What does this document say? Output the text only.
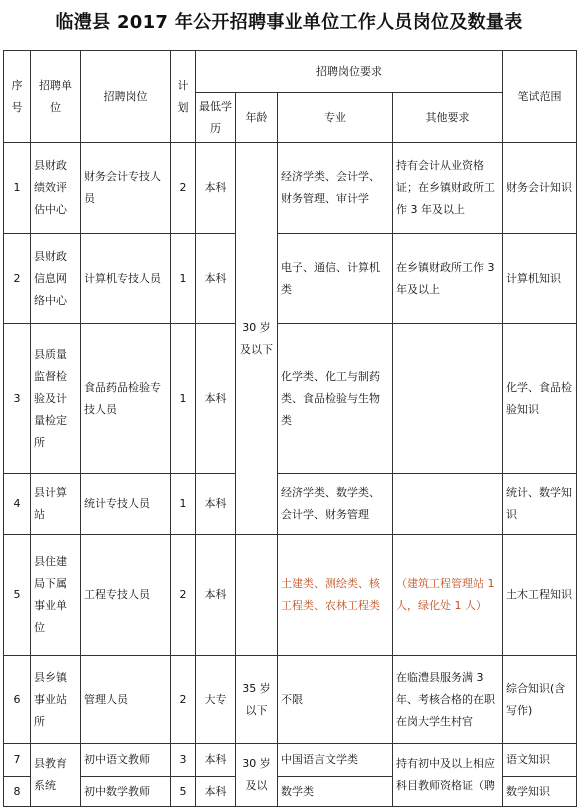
临澧县 2017 年公开招聘事业单位工作人员岗位及数量表
序号	招聘单位	招聘岗位	计划	招聘岗位要求				笔试范围
				最低学历	年龄	专业	其他要求	
1	县财政绩效评估中心	财务会计专技人员	2	本科	30 岁及以下	经济学类、会计学、财务管理、审计学	持有会计从业资格证；在乡镇财政所工作 3 年及以上	财务会计知识
2	县财政信息网络中心	计算机专技人员	1	本科		电子、通信、计算机类	在乡镇财政所工作 3 年及以上	计算机知识
3	县质量监督检验及计量检定所	食品药品检验专技人员	1	本科		化学类、化工与制药类、食品检验与生物类		化学、食品检验知识
4	县计算站	统计专技人员	1	本科		经济学类、数学类、会计学、财务管理		统计、数学知识
5	县住建局下属事业单位	工程专技人员	2	本科		土建类、测绘类、核工程类、农林工程类	（建筑工程管理站 1 人，绿化处 1 人）	土木工程知识
6	县乡镇事业站所	管理人员	2	大专	35 岁以下	不限	在临澧县服务满 3 年、考核合格的在职在岗大学生村官	综合知识(含写作)
7	县教育系统	初中语文教师	3	本科	30 岁及以	中国语言文学类	持有初中及以上相应科目教师资格证（聘	语文知识
8		初中数学教师	5	本科		数学类		数学知识
